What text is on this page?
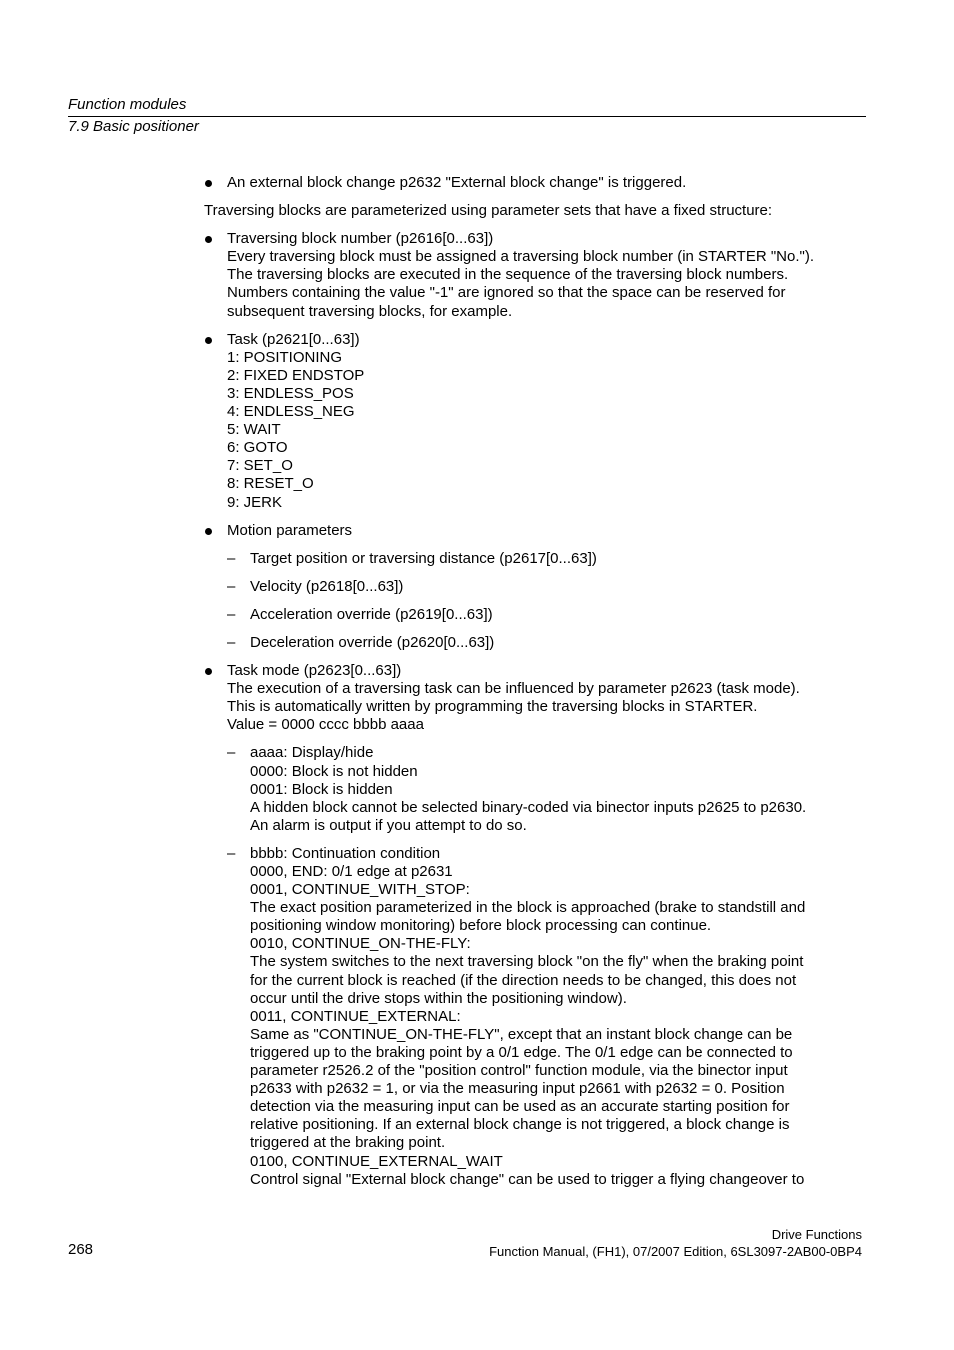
Function modules
7.9 Basic positioner
An external block change p2632 "External block change" is triggered.
Traversing blocks are parameterized using parameter sets that have a fixed structure:
Traversing block number (p2616[0...63])
Every traversing block must be assigned a traversing block number (in STARTER "No.").
The traversing blocks are executed in the sequence of the traversing block numbers.
Numbers containing the value "-1" are ignored so that the space can be reserved for
subsequent traversing blocks, for example.
Task (p2621[0...63])
1: POSITIONING
2: FIXED ENDSTOP
3: ENDLESS_POS
4: ENDLESS_NEG
5: WAIT
6: GOTO
7: SET_O
8: RESET_O
9: JERK
Motion parameters
– Target position or traversing distance (p2617[0...63])
– Velocity (p2618[0...63])
– Acceleration override (p2619[0...63])
– Deceleration override (p2620[0...63])
Task mode (p2623[0...63])
The execution of a traversing task can be influenced by parameter p2623 (task mode).
This is automatically written by programming the traversing blocks in STARTER.
Value = 0000 cccc bbbb aaaa
– aaaa: Display/hide
0000: Block is not hidden
0001: Block is hidden
A hidden block cannot be selected binary-coded via binector inputs p2625 to p2630.
An alarm is output if you attempt to do so.
– bbbb: Continuation condition
0000, END: 0/1 edge at p2631
0001, CONTINUE_WITH_STOP:
The exact position parameterized in the block is approached (brake to standstill and
positioning window monitoring) before block processing can continue.
0010, CONTINUE_ON-THE-FLY:
The system switches to the next traversing block "on the fly" when the braking point
for the current block is reached (if the direction needs to be changed, this does not
occur until the drive stops within the positioning window).
0011, CONTINUE_EXTERNAL:
Same as "CONTINUE_ON-THE-FLY", except that an instant block change can be
triggered up to the braking point by a 0/1 edge. The 0/1 edge can be connected to
parameter r2526.2 of the "position control" function module, via the binector input
p2633 with p2632 = 1, or via the measuring input p2661 with p2632 = 0. Position
detection via the measuring input can be used as an accurate starting position for
relative positioning. If an external block change is not triggered, a block change is
triggered at the braking point.
0100, CONTINUE_EXTERNAL_WAIT
Control signal "External block change" can be used to trigger a flying changeover to
Drive Functions
Function Manual, (FH1), 07/2007 Edition, 6SL3097-2AB00-0BP4
268
